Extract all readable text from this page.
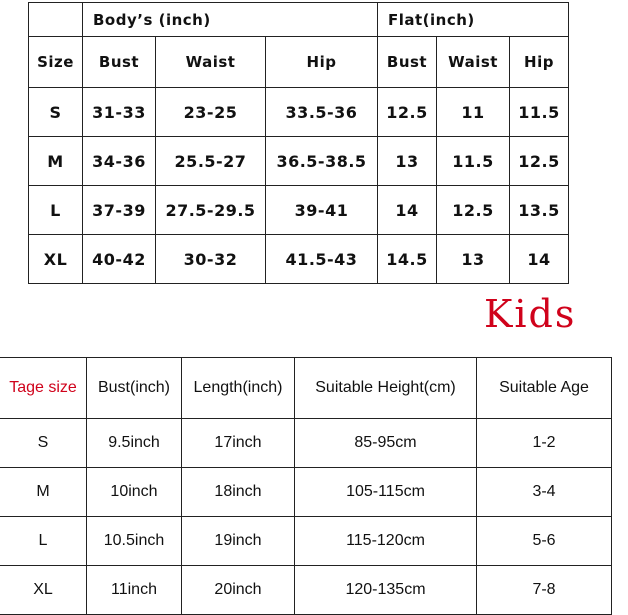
	Body’s (inch)			Flat(inch)		
Size	Bust	Waist	Hip	Bust	Waist	Hip
S	31-33	23-25	33.5-36	12.5	11	11.5
M	34-36	25.5-27	36.5-38.5	13	11.5	12.5
L	37-39	27.5-29.5	39-41	14	12.5	13.5
XL	40-42	30-32	41.5-43	14.5	13	14
Kids
Tage size	Bust(inch)	Length(inch)	Suitable Height(cm)	Suitable Age
S	9.5inch	17inch	85-95cm	1-2
M	10inch	18inch	105-115cm	3-4
L	10.5inch	19inch	115-120cm	5-6
XL	11inch	20inch	120-135cm	7-8
